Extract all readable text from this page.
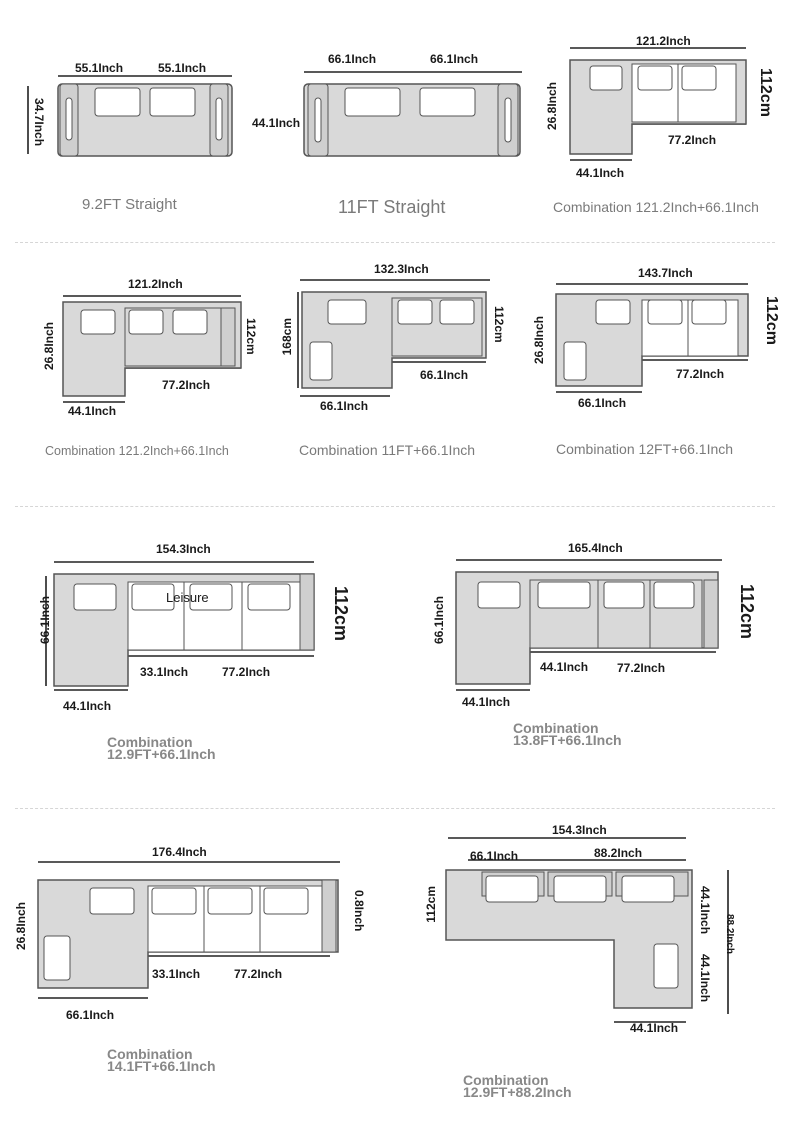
55.1Inch	55.1Inch
34.7Inch
9.2FT Straight
66.1Inch	66.1Inch
44.1Inch
11FT Straight
121.2Inch
26.8Inch	112cm
77.2Inch
44.1Inch
Combination 121.2Inch+66.1Inch
121.2Inch
26.8Inch	112cm
77.2Inch
44.1Inch
Combination 121.2Inch+66.1Inch
132.3Inch
168cm	112cm
66.1Inch
66.1Inch
Combination 11FT+66.1Inch
143.7Inch
26.8Inch	112cm
77.2Inch
66.1Inch
Combination 12FT+66.1Inch
154.3Inch
Leisure
66.1Inch	112cm
33.1Inch	77.2Inch
44.1Inch
Combination
12.9FT+66.1Inch
165.4Inch
66.1Inch	112cm
44.1Inch 77.2Inch
44.1Inch
Combination
13.8FT+66.1Inch
176.4Inch
26.8Inch	0.8Inch
33.1Inch	77.2Inch
66.1Inch
Combination
14.1FT+66.1Inch
154.3Inch
66.1Inch	88.2Inch
112cm	44.1Inch
44.1Inch
88.2Inch
44.1Inch
Combination
12.9FT+88.2Inch
